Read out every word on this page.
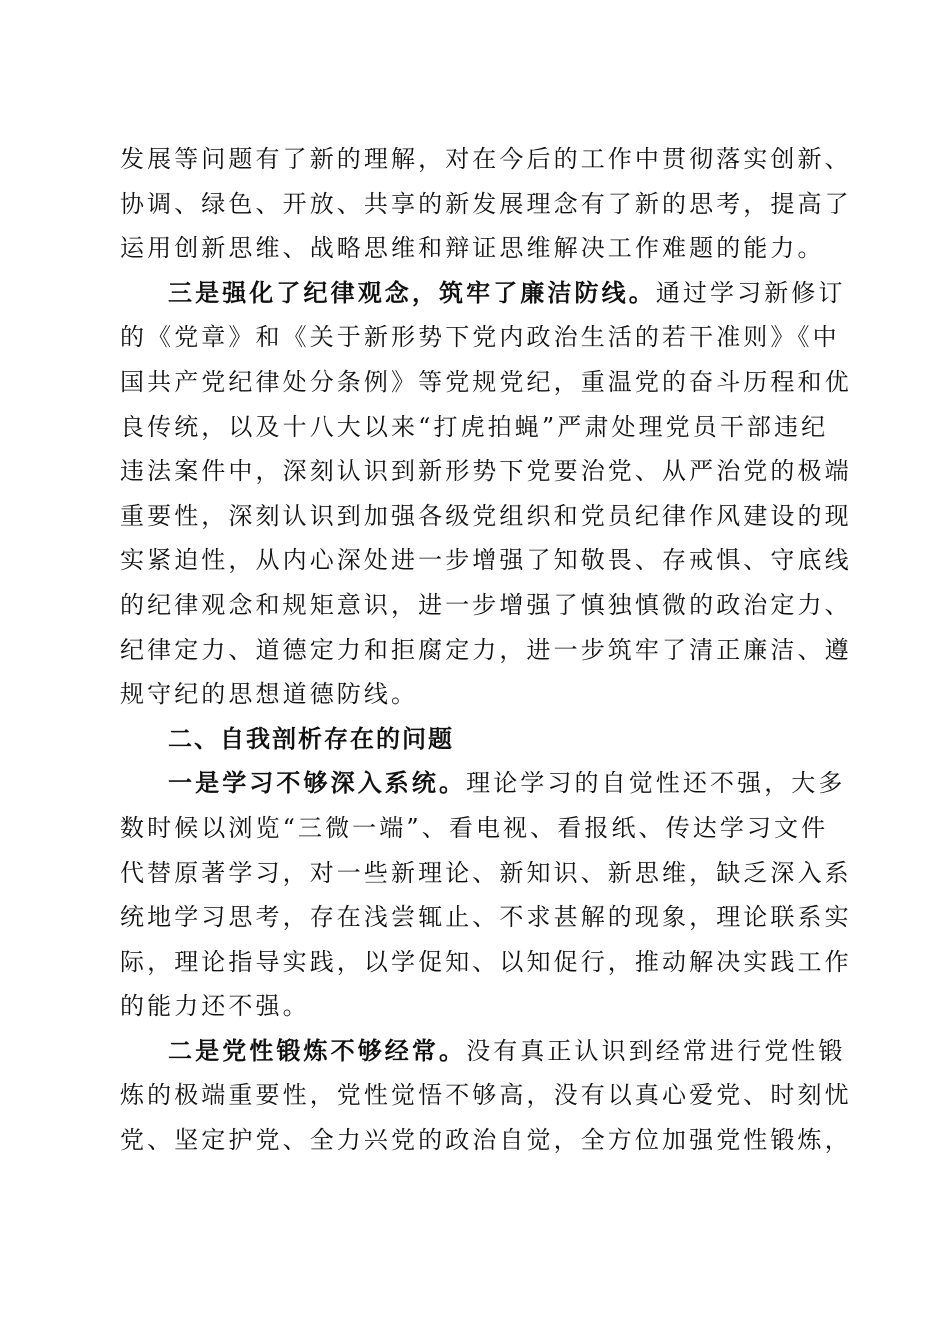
发展等问题有了新的理解，对在今后的工作中贯彻落实创新、
协调、绿色、开放、共享的新发展理念有了新的思考，提高了
运用创新思维、战略思维和辩证思维解决工作难题的能力。
三是强化了纪律观念，筑牢了廉洁防线。通过学习新修订
的《党章》和《关于新形势下党内政治生活的若干准则》《中
国共产党纪律处分条例》等党规党纪，重温党的奋斗历程和优
良传统，以及十八大以来“打虎拍蝇”严肃处理党员干部违纪
违法案件中，深刻认识到新形势下党要治党、从严治党的极端
重要性，深刻认识到加强各级党组织和党员纪律作风建设的现
实紧迫性，从内心深处进一步增强了知敬畏、存戒惧、守底线
的纪律观念和规矩意识，进一步增强了慎独慎微的政治定力、
纪律定力、道德定力和拒腐定力，进一步筑牢了清正廉洁、遵
规守纪的思想道德防线。
二、自我剖析存在的问题
一是学习不够深入系统。理论学习的自觉性还不强，大多
数时候以浏览“三微一端”、看电视、看报纸、传达学习文件
代替原著学习，对一些新理论、新知识、新思维，缺乏深入系
统地学习思考，存在浅尝辄止、不求甚解的现象，理论联系实
际，理论指导实践，以学促知、以知促行，推动解决实践工作
的能力还不强。
二是党性锻炼不够经常。没有真正认识到经常进行党性锻
炼的极端重要性，党性觉悟不够高，没有以真心爱党、时刻忧
党、坚定护党、全力兴党的政治自觉，全方位加强党性锻炼，
